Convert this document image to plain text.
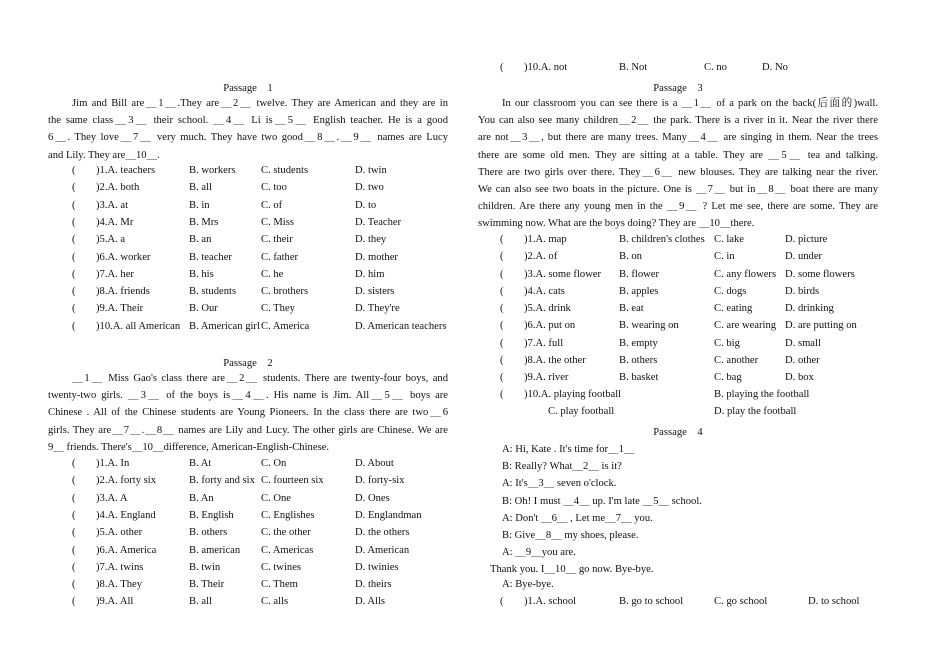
Passage　1
Jim and Bill are＿1＿.They are＿2＿ twelve. They are American and they are in
the same class＿3＿ their school. ＿4＿ Li is＿5＿ English teacher. He is a good
6＿. They love＿7＿ very much. They have two good＿8＿.＿9＿ names are Lucy
and Lily. They are＿10＿.
( )1.A. teachers	B. workers C. students	D. twin
( )2.A. both	B. all	C. too	D. two
( )3.A. at	B. in	C. of	D. to
( )4.A. Mr	B. Mrs	C. Miss	D. Teacher
( )5.A. a	B. an	C. their	D. they
( )6.A. worker	B. teacher	C. father	D. mother
( )7.A. her	B. his	C. he	D. him
( )8.A. friends	B. students C. brothers	D. sisters
( )9.A. Their	B. Our	C. They	D. They're
( )10.A. all American B. American girl C. America	D. American teachers
Passage　2
＿1＿ Miss Gao's class there are＿2＿ students. There are twenty-four boys, and
twenty-two girls. ＿3＿ of the boys is＿4＿. His name is Jim. All＿5＿ boys are
Chinese . All of the Chinese students are Young Pioneers. In the class there are two＿6
girls. They are＿7＿.＿8＿ names are Lily and Lucy. The other girls are Chinese. We are
9＿ friends. There's＿10＿difference, American-English-Chinese.
( )1.A. In	B. At	C. On	D. About
( )2.A. forty six	B. forty and six C. fourteen six	D. forty-six
( )3.A. A	B. An	C. One	D. Ones
( )4.A. England	B. English	C. Englishes	D. Englandman
( )5.A. other	B. others	C. the other	D. the others
( )6.A. America	B. american C. Americas	D. American
( )7.A. twins	B. twin	C. twines	D. twinies
( )8.A. They	B. Their	C. Them	D. theirs
( )9.A. All	B. all	C. alls	D. Alls
( )10.A. not	B. Not	C. no	D. No
Passage　3
In our classroom you can see there is a ＿1＿ of a park on the back(后面的)wall.
You can also see many children＿2＿ the park. There is a river in it. Near the river there
are not＿3＿, but there are many trees. Many＿4＿ are singing in them. Near the trees
there are some old men. They are sitting at a table. They are ＿5＿ tea and talking.
There are two girls over there. They＿6＿ new blouses. They are talking near the river.
We can also see two boats in the picture. One is ＿7＿ but in＿8＿ boat there are many
children. Are there any young men in the ＿9＿ ? Let me see, there are some. They are
swimming now. What are the boys doing? They are ＿10＿there.
( )1.A. map	B. children's clothes C. lake	D. picture
( )2.A. of	B. on	C. in	D. under
( )3.A. some flower B. flower	C. any flowers D. some flowers
( )4.A. cats	B. apples	C. dogs	D. birds
( )5.A. drink	B. eat	C. eating	D. drinking
( )6.A. put on	B. wearing on	C. are wearing D. are putting on
( )7.A. full	B. empty	C. big	D. small
( )8.A. the other	B. others	C. another	D. other
( )9.A. river	B. basket	C. bag	D. box
( )10.A. playing football	B. playing the football
C. play football	D. play the football
Passage　4
A: Hi, Kate . It's time for＿1＿
B: Really? What＿2＿ is it?
A: It's＿3＿ seven o'clock.
B: Oh! I must ＿4＿ up. I'm late ＿5＿ school.
A: Don't ＿6＿ , Let me＿7＿ you.
B: Give＿8＿ my shoes, please.
A: ＿9＿you are.
Thank you. I＿10＿ go now. Bye-bye.
A: Bye-bye.
( )1.A. school	B. go to school	C. go school	D. to school
